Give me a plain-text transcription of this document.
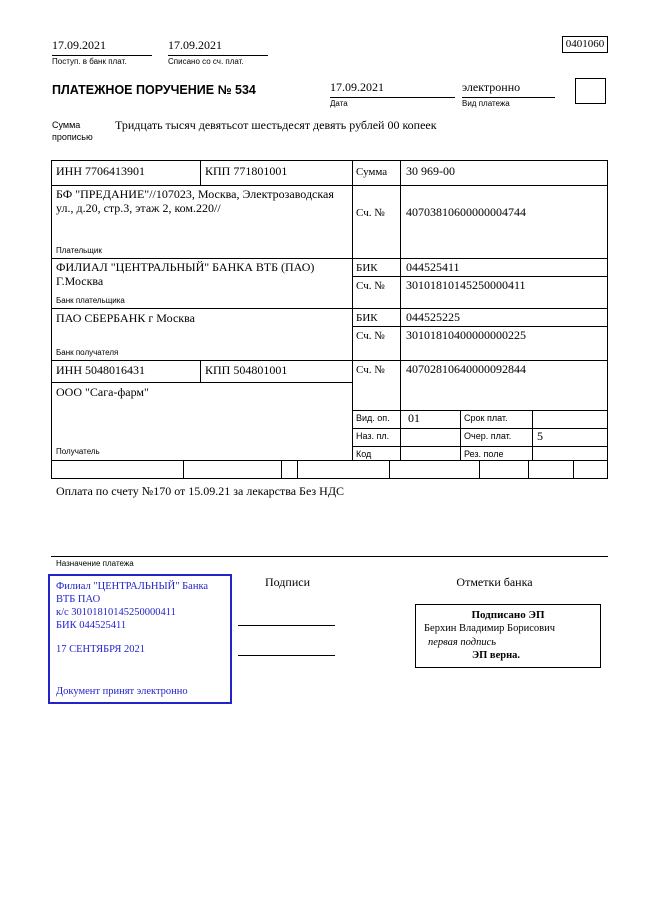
17.09.2021
Поступ. в банк плат.
17.09.2021
Списано со сч. плат.
0401060
ПЛАТЕЖНОЕ ПОРУЧЕНИЕ № 534	17.09.2021
Дата
электронно
Вид платежа
Сумма
прописью
Тридцать тысяч девятьсот шестьдесят девять рублей 00 копеек
ИНН 7706413901	КПП 771801001	Сумма 30 969-00
БФ "ПРЕДАНИЕ"//107023, Москва, Электрозаводская ул., д.20, стр.3, этаж 2, ком.220//	Сч. № 40703810600000004744
Плательщик
ФИЛИАЛ "ЦЕНТРАЛЬНЫЙ" БАНКА ВТБ (ПАО) Г.Москва
БИК 044525411
Сч. № 30101810145250000411
Банк плательщика
ПАО СБЕРБАНК г Москва	БИК 044525225
Сч. № 30101810400000000225
Банк получателя
ИНН 5048016431	КПП 504801001	Сч. № 40702810640000092844
ООО "Сага-фарм"
Получатель
Вид. оп. 01	Срок плат.
Наз. пл.	Очер. плат. 5
Код	Рез. поле
Оплата по счету №170 от 15.09.21 за лекарства Без НДС
Назначение платежа
Подписи	Отметки банка
Филиал "ЦЕНТРАЛЬНЫЙ" Банка
ВТБ ПАО
к/с 30101810145250000411
БИК 044525411
17 СЕНТЯБРЯ 2021
Документ принят электронно
Подписано ЭП
Берхин Владимир Борисович
первая подпись
ЭП верна.
